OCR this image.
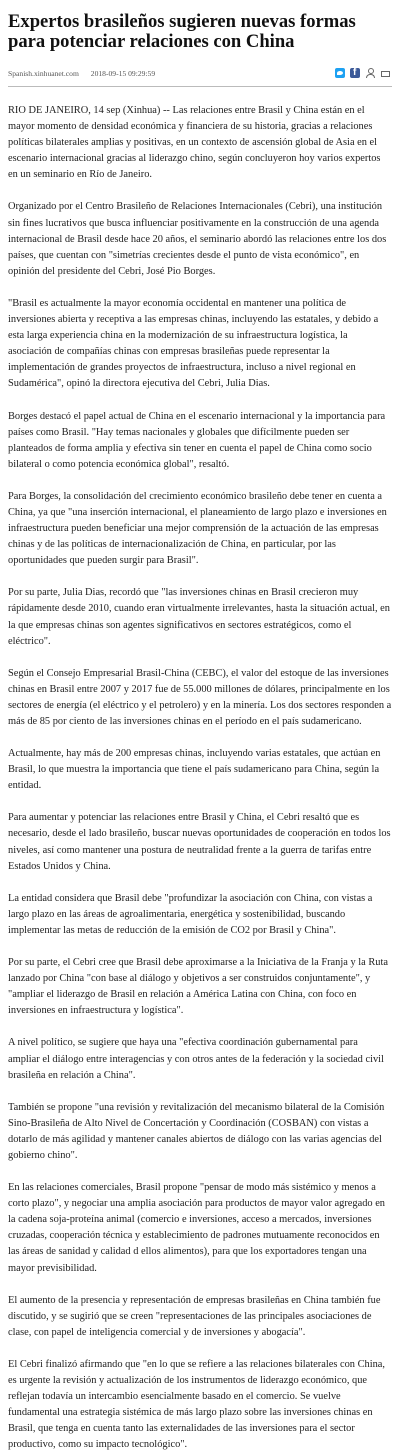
Expertos brasileños sugieren nuevas formas para potenciar relaciones con China
Spanish.xinhuanet.com 2018-09-15 09:29:59
f

RIO DE JANEIRO, 14 sep (Xinhua) -- Las relaciones entre Brasil y China están en el mayor momento de densidad económica y financiera de su historia, gracias a relaciones políticas bilaterales amplias y positivas, en un contexto de ascensión global de Asia en el escenario internacional gracias al liderazgo chino, según concluyeron hoy varios expertos en un seminario en Río de Janeiro.

Organizado por el Centro Brasileño de Relaciones Internacionales (Cebri), una institución sin fines lucrativos que busca influenciar positivamente en la construcción de una agenda internacional de Brasil desde hace 20 años, el seminario abordó las relaciones entre los dos países, que cuentan con "simetrías crecientes desde el punto de vista económico", en opinión del presidente del Cebri, José Pio Borges.

"Brasil es actualmente la mayor economía occidental en mantener una política de inversiones abierta y receptiva a las empresas chinas, incluyendo las estatales, y debido a esta larga experiencia china en la modernización de su infraestructura logística, la asociación de compañías chinas con empresas brasileñas puede representar la implementación de grandes proyectos de infraestructura, incluso a nivel regional en Sudamérica", opinó la directora ejecutiva del Cebri, Julia Dias.

Borges destacó el papel actual de China en el escenario internacional y la importancia para países como Brasil. "Hay temas nacionales y globales que difícilmente pueden ser planteados de forma amplia y efectiva sin tener en cuenta el papel de China como socio bilateral o como potencia económica global", resaltó.

Para Borges, la consolidación del crecimiento económico brasileño debe tener en cuenta a China, ya que "una inserción internacional, el planeamiento de largo plazo e inversiones en infraestructura pueden beneficiar una mejor comprensión de la actuación de las empresas chinas y de las políticas de internacionalización de China, en particular, por las oportunidades que pueden surgir para Brasil".

Por su parte, Julia Dias, recordó que "las inversiones chinas en Brasil crecieron muy rápidamente desde 2010, cuando eran virtualmente irrelevantes, hasta la situación actual, en la que empresas chinas son agentes significativos en sectores estratégicos, como el eléctrico".

Según el Consejo Empresarial Brasil-China (CEBC), el valor del estoque de las inversiones chinas en Brasil entre 2007 y 2017 fue de 55.000 millones de dólares, principalmente en los sectores de energía (el eléctrico y el petrolero) y en la minería. Los dos sectores responden a más de 85 por ciento de las inversiones chinas en el período en el país sudamericano.

Actualmente, hay más de 200 empresas chinas, incluyendo varias estatales, que actúan en Brasil, lo que muestra la importancia que tiene el país sudamericano para China, según la entidad.

Para aumentar y potenciar las relaciones entre Brasil y China, el Cebri resaltó que es necesario, desde el lado brasileño, buscar nuevas oportunidades de cooperación en todos los niveles, así como mantener una postura de neutralidad frente a la guerra de tarifas entre Estados Unidos y China.

La entidad considera que Brasil debe "profundizar la asociación con China, con vistas a largo plazo en las áreas de agroalimentaria, energética y sostenibilidad, buscando implementar las metas de reducción de la emisión de CO2 por Brasil y China".

Por su parte, el Cebri cree que Brasil debe aproximarse a la Iniciativa de la Franja y la Ruta lanzado por China "con base al diálogo y objetivos a ser construidos conjuntamente", y "ampliar el liderazgo de Brasil en relación a América Latina con China, con foco en inversiones en infraestructura y logística".

A nivel político, se sugiere que haya una "efectiva coordinación gubernamental para ampliar el diálogo entre interagencias y con otros antes de la federación y la sociedad civil brasileña en relación a China".

También se propone "una revisión y revitalización del mecanismo bilateral de la Comisión Sino-Brasileña de Alto Nivel de Concertación y Coordinación (COSBAN) con vistas a dotarlo de más agilidad y mantener canales abiertos de diálogo con las varias agencias del gobierno chino".

En las relaciones comerciales, Brasil propone "pensar de modo más sistémico y menos a corto plazo", y negociar una amplia asociación para productos de mayor valor agregado en la cadena soja-proteína animal (comercio e inversiones, acceso a mercados, inversiones cruzadas, cooperación técnica y establecimiento de padrones mutuamente reconocidos en las áreas de sanidad y calidad d ellos alimentos), para que los exportadores tengan una mayor previsibilidad.

El aumento de la presencia y representación de empresas brasileñas en China también fue discutido, y se sugirió que se creen "representaciones de las principales asociaciones de clase, con papel de inteligencia comercial y de inversiones y abogacía".

El Cebri finalizó afirmando que "en lo que se refiere a las relaciones bilaterales con China, es urgente la revisión y actualización de los instrumentos de liderazgo económico, que reflejan todavía un intercambio esencialmente basado en el comercio. Se vuelve fundamental una estrategia sistémica de más largo plazo sobre las inversiones chinas en Brasil, que tenga en cuenta tanto las externalidades de las inversiones para el sector productivo, como su impacto tecnológico".
